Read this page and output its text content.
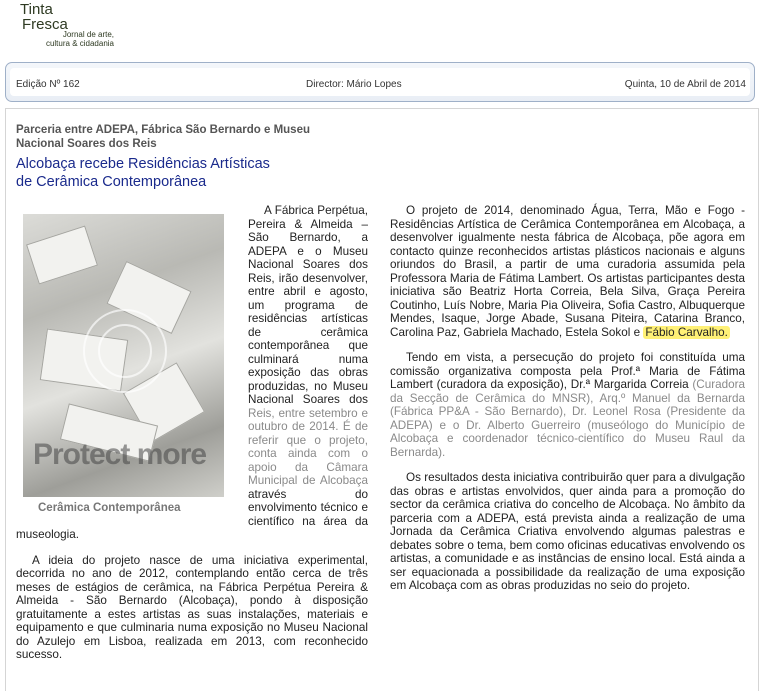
Tinta
Fresca
Jornal de arte,
cultura & cidadania
Edição Nº 162	Director: Mário Lopes	Quinta, 10 de Abril de 2014
Parceria entre ADEPA, Fábrica São Bernardo e Museu Nacional Soares dos Reis
Alcobaça recebe Residências Artísticas
de Cerâmica Contemporânea
Protect more
Cerâmica Contemporânea

A Fábrica Perpétua, Pereira & Almeida – São Bernardo, a ADEPA e o Museu Nacional Soares dos Reis, irão desenvolver, entre abril e agosto, um programa de residências artísticas de cerâmica contemporânea que culminará numa exposição das obras produzidas, no Museu Nacional Soares dos Reis, entre setembro e outubro de 2014. É de referir que o projeto, conta ainda com o apoio da Câmara Municipal de Alcobaça através do envolvimento técnico e científico na área da museologia.

A ideia do projeto nasce de uma iniciativa experimental, decorrida no ano de 2012, contemplando então cerca de três meses de estágios de cerâmica, na Fábrica Perpétua Pereira & Almeida - São Bernardo (Alcobaça), pondo à disposição gratuitamente a estes artistas as suas instalações, materiais e equipamento e que culminaria numa exposição no Museu Nacional do Azulejo em Lisboa, realizada em 2013, com reconhecido sucesso.

O projeto de 2014, denominado Água, Terra, Mão e Fogo - Residências Artística de Cerâmica Contemporânea em Alcobaça, a desenvolver igualmente nesta fábrica de Alcobaça, põe agora em contacto quinze reconhecidos artistas plásticos nacionais e alguns oriundos do Brasil, a partir de uma curadoria assumida pela Professora Maria de Fátima Lambert. Os artistas participantes desta iniciativa são Beatriz Horta Correia, Bela Silva, Graça Pereira Coutinho, Luís Nobre, Maria Pia Oliveira, Sofia Castro, Albuquerque Mendes, Isaque, Jorge Abade, Susana Piteira, Catarina Branco, Carolina Paz, Gabriela Machado, Estela Sokol e Fábio Carvalho.

Tendo em vista, a persecução do projeto foi constituída uma comissão organizativa composta pela Prof.ª Maria de Fátima Lambert (curadora da exposição), Dr.ª Margarida Correia (Curadora da Secção de Cerâmica do MNSR), Arq.º Manuel da Bernarda (Fábrica PP&A - São Bernardo), Dr. Leonel Rosa (Presidente da ADEPA) e o Dr. Alberto Guerreiro (museólogo do Município de Alcobaça e coordenador técnico-científico do Museu Raul da Bernarda).

Os resultados desta iniciativa contribuirão quer para a divulgação das obras e artistas envolvidos, quer ainda para a promoção do sector da cerâmica criativa do concelho de Alcobaça. No âmbito da parceria com a ADEPA, está prevista ainda a realização de uma Jornada da Cerâmica Criativa envolvendo algumas palestras e debates sobre o tema, bem como oficinas educativas envolvendo os artistas, a comunidade e as instâncias de ensino local. Está ainda a ser equacionada a possibilidade da realização de uma exposição em Alcobaça com as obras produzidas no seio do projeto.
